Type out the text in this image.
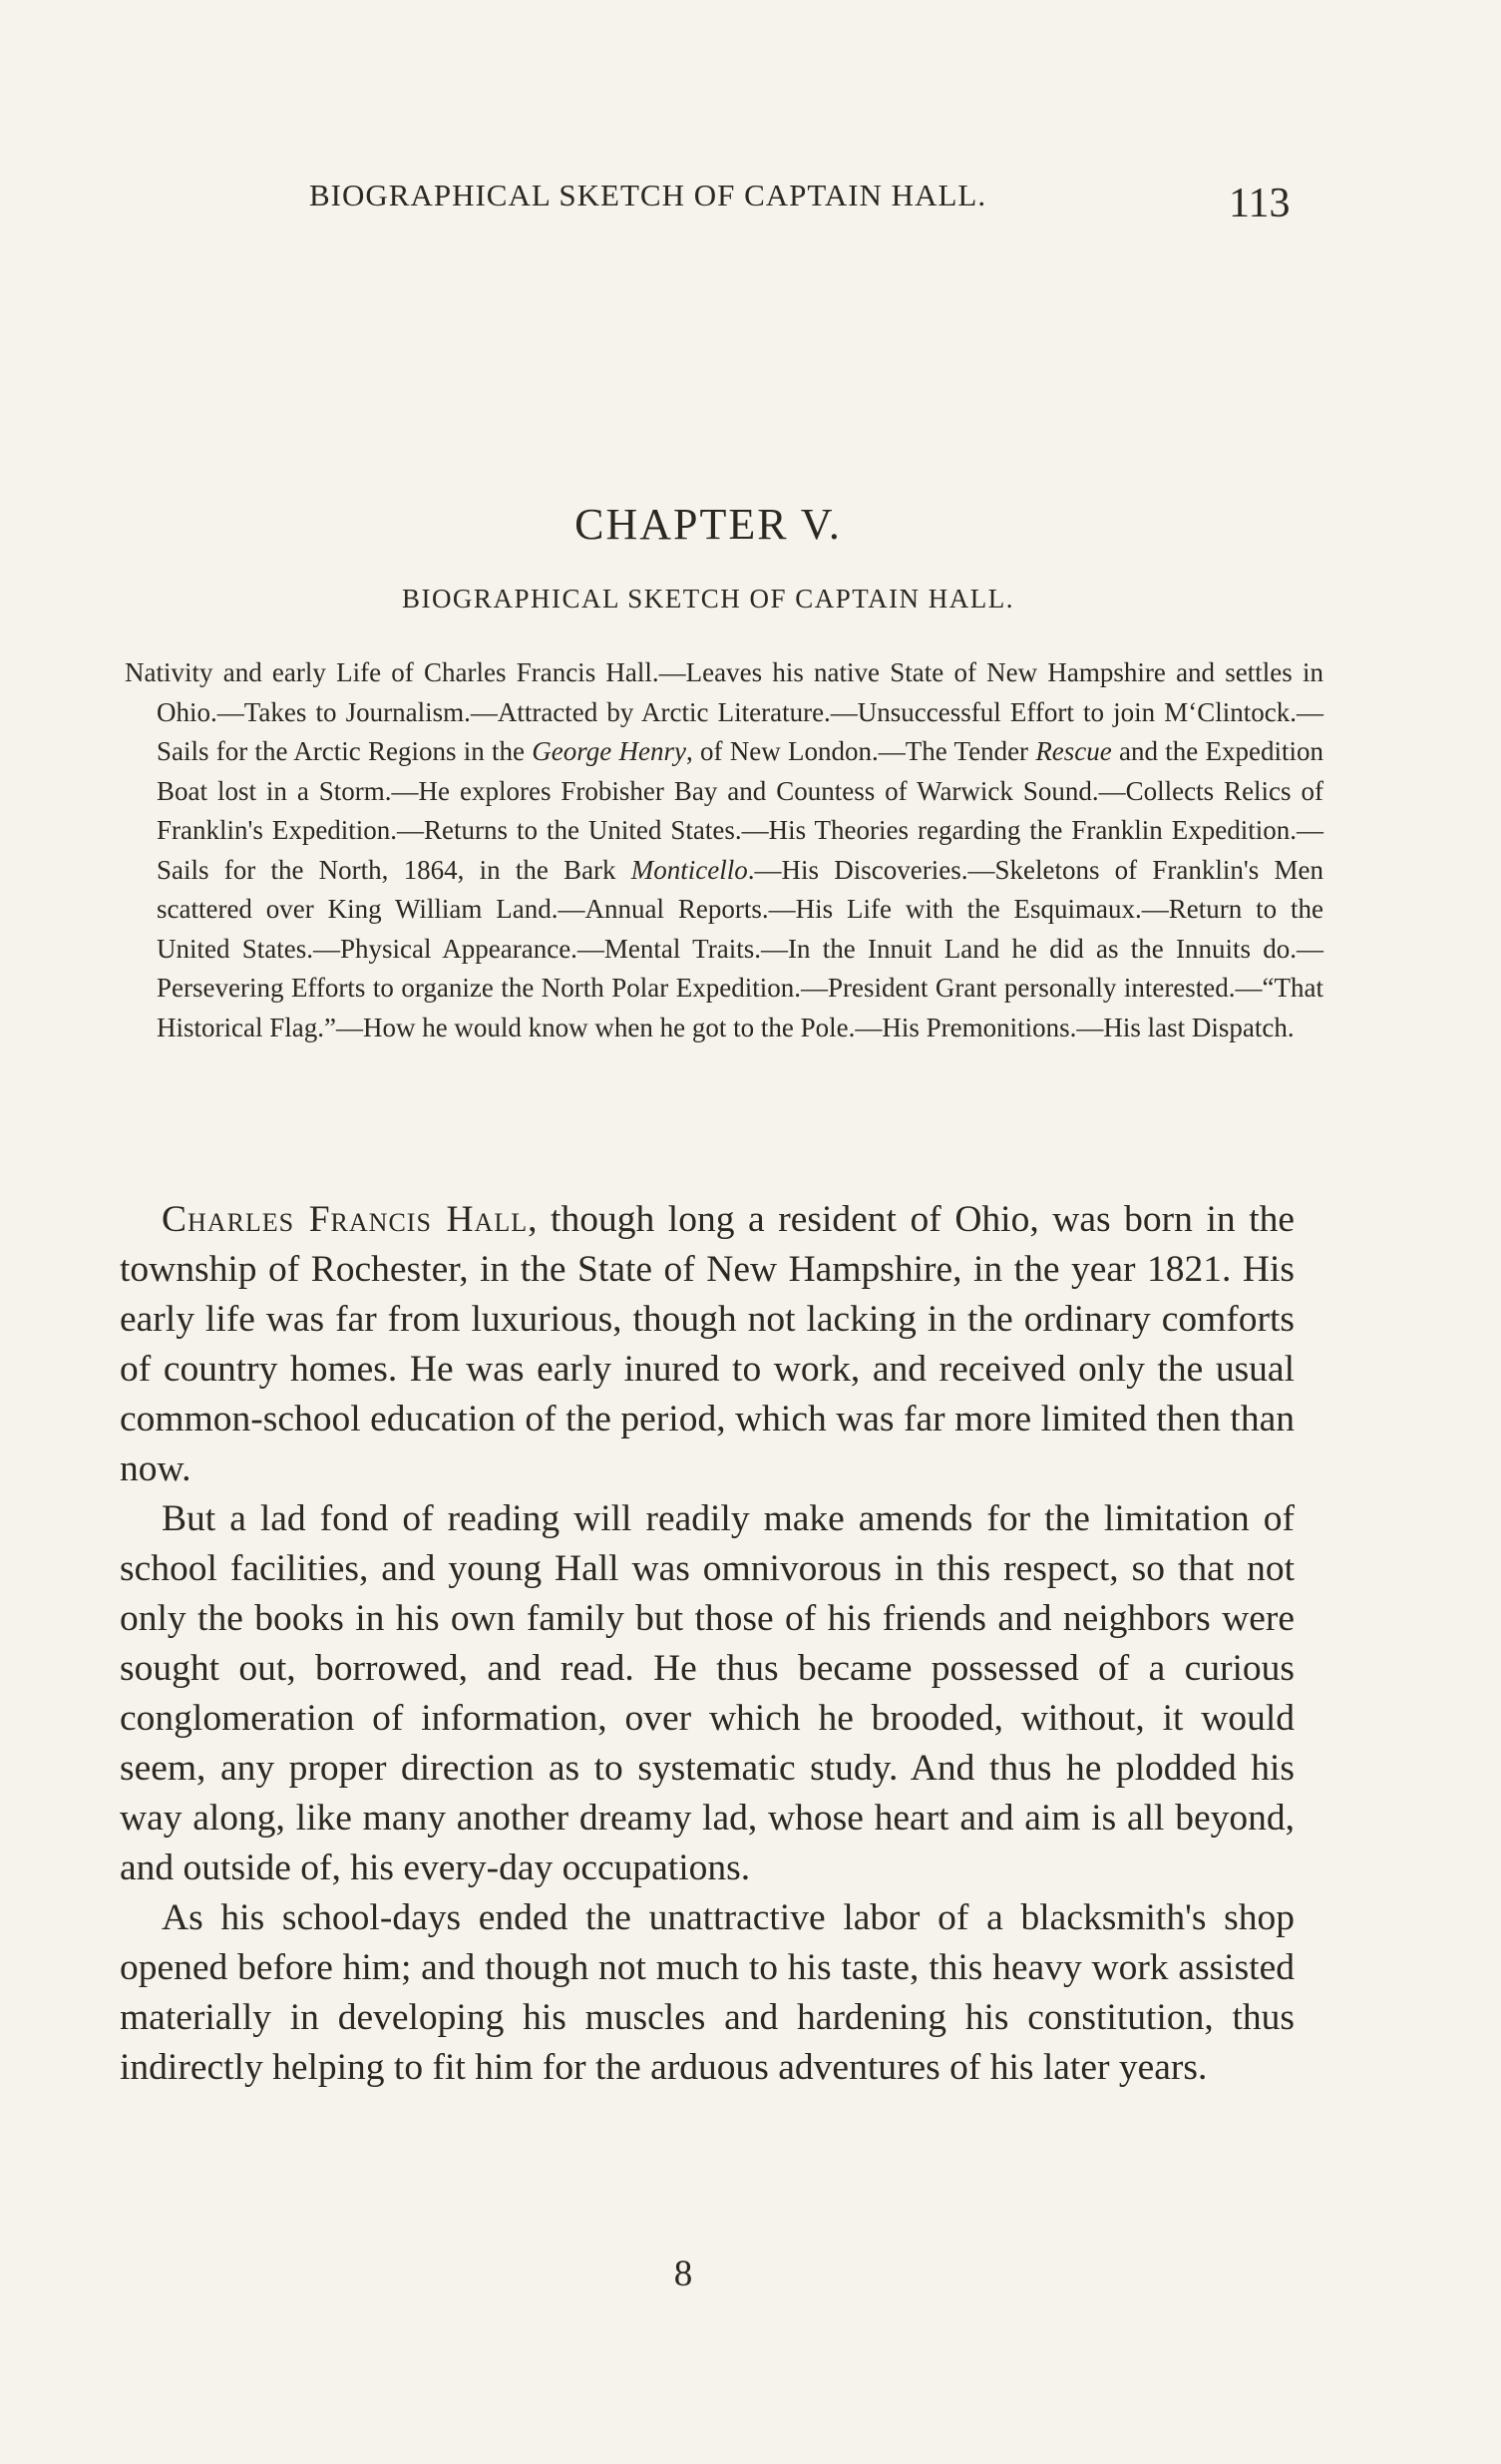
BIOGRAPHICAL SKETCH OF CAPTAIN HALL.	113
CHAPTER V.
BIOGRAPHICAL SKETCH OF CAPTAIN HALL.
Nativity and early Life of Charles Francis Hall.—Leaves his native State of New Hampshire and settles in Ohio.—Takes to Journalism.—Attracted by Arctic Literature.—Unsuccessful Effort to join M‘Clintock.—Sails for the Arctic Regions in the George Henry, of New London.—The Tender Rescue and the Expedition Boat lost in a Storm.—He explores Frobisher Bay and Countess of Warwick Sound.—Collects Relics of Franklin's Expedition.—Returns to the United States.—His Theories regarding the Franklin Expedition.—Sails for the North, 1864, in the Bark Monticello.—His Discoveries.—Skeletons of Franklin's Men scattered over King William Land.—Annual Reports.—His Life with the Esquimaux.—Return to the United States.—Physical Appearance.—Mental Traits.—In the Innuit Land he did as the Innuits do.—Persevering Efforts to organize the North Polar Expedition.—President Grant personally interested.—“That Historical Flag.”—How he would know when he got to the Pole.—His Premonitions.—His last Dispatch.

Charles Francis Hall, though long a resident of Ohio, was born in the township of Rochester, in the State of New Hampshire, in the year 1821. His early life was far from luxurious, though not lacking in the ordinary comforts of country homes. He was early inured to work, and received only the usual common-school education of the period, which was far more limited then than now.

But a lad fond of reading will readily make amends for the limitation of school facilities, and young Hall was omnivorous in this respect, so that not only the books in his own family but those of his friends and neighbors were sought out, borrowed, and read. He thus became possessed of a curious conglomeration of information, over which he brooded, without, it would seem, any proper direction as to systematic study. And thus he plodded his way along, like many another dreamy lad, whose heart and aim is all beyond, and outside of, his every-day occupations.

As his school-days ended the unattractive labor of a blacksmith's shop opened before him; and though not much to his taste, this heavy work assisted materially in developing his muscles and hardening his constitution, thus indirectly helping to fit him for the arduous adventures of his later years.

8
